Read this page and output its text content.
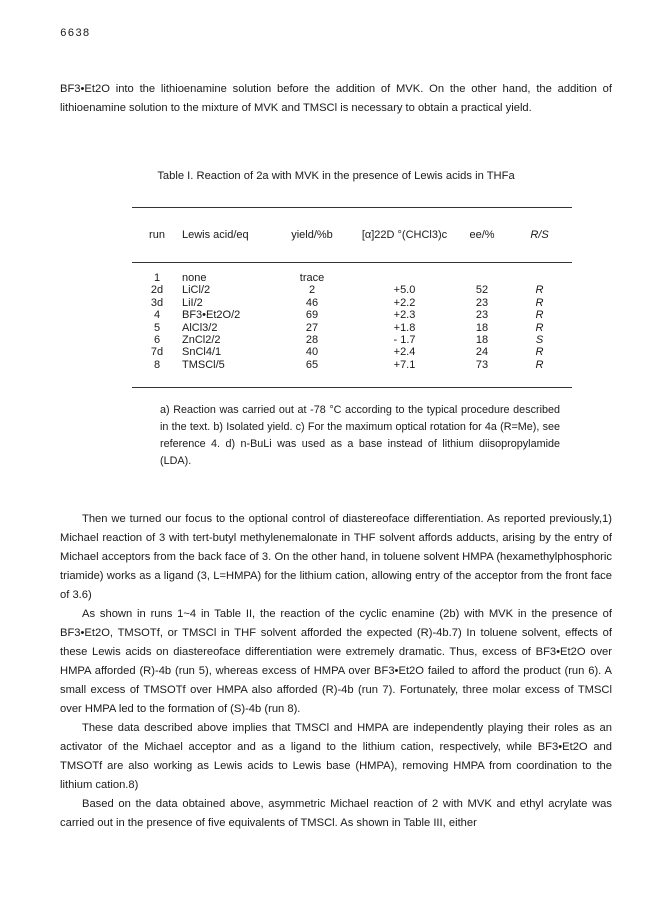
6638

BF3•Et2O into the lithioenamine solution before the addition of MVK. On the other hand, the addition of lithioenamine solution to the mixture of MVK and TMSCl is necessary to obtain a practical yield.

Table I. Reaction of 2a with MVK in the presence of Lewis acids in THFa
run	Lewis acid/eq	yield/%b	[α]22D °(CHCl3)c	ee/%	R/S
1	none	trace			
2d	LiCl/2	2	+5.0	52	R
3d	LiI/2	46	+2.2	23	R
4	BF3•Et2O/2	69	+2.3	23	R
5	AlCl3/2	27	+1.8	18	R
6	ZnCl2/2	28	- 1.7	18	S
7d	SnCl4/1	40	+2.4	24	R
8	TMSCl/5	65	+7.1	73	R

a) Reaction was carried out at -78 °C according to the typical procedure described in the text. b) Isolated yield. c) For the maximum optical rotation for 4a (R=Me), see reference 4. d) n-BuLi was used as a base instead of lithium diisopropylamide (LDA).

Then we turned our focus to the optional control of diastereoface differentiation. As reported previously,1) Michael reaction of 3 with tert-butyl methylenemalonate in THF solvent affords adducts, arising by the entry of Michael acceptors from the back face of 3. On the other hand, in toluene solvent HMPA (hexamethylphosphoric triamide) works as a ligand (3, L=HMPA) for the lithium cation, allowing entry of the acceptor from the front face of 3.6)

As shown in runs 1~4 in Table II, the reaction of the cyclic enamine (2b) with MVK in the presence of BF3•Et2O, TMSOTf, or TMSCl in THF solvent afforded the expected (R)-4b.7) In toluene solvent, effects of these Lewis acids on diastereoface differentiation were extremely dramatic. Thus, excess of BF3•Et2O over HMPA afforded (R)-4b (run 5), whereas excess of HMPA over BF3•Et2O failed to afford the product (run 6). A small excess of TMSOTf over HMPA also afforded (R)-4b (run 7). Fortunately, three molar excess of TMSCl over HMPA led to the formation of (S)-4b (run 8).

These data described above implies that TMSCl and HMPA are independently playing their roles as an activator of the Michael acceptor and as a ligand to the lithium cation, respectively, while BF3•Et2O and TMSOTf are also working as Lewis acids to Lewis base (HMPA), removing HMPA from coordination to the lithium cation.8)

Based on the data obtained above, asymmetric Michael reaction of 2 with MVK and ethyl acrylate was carried out in the presence of five equivalents of TMSCl. As shown in Table III, either
